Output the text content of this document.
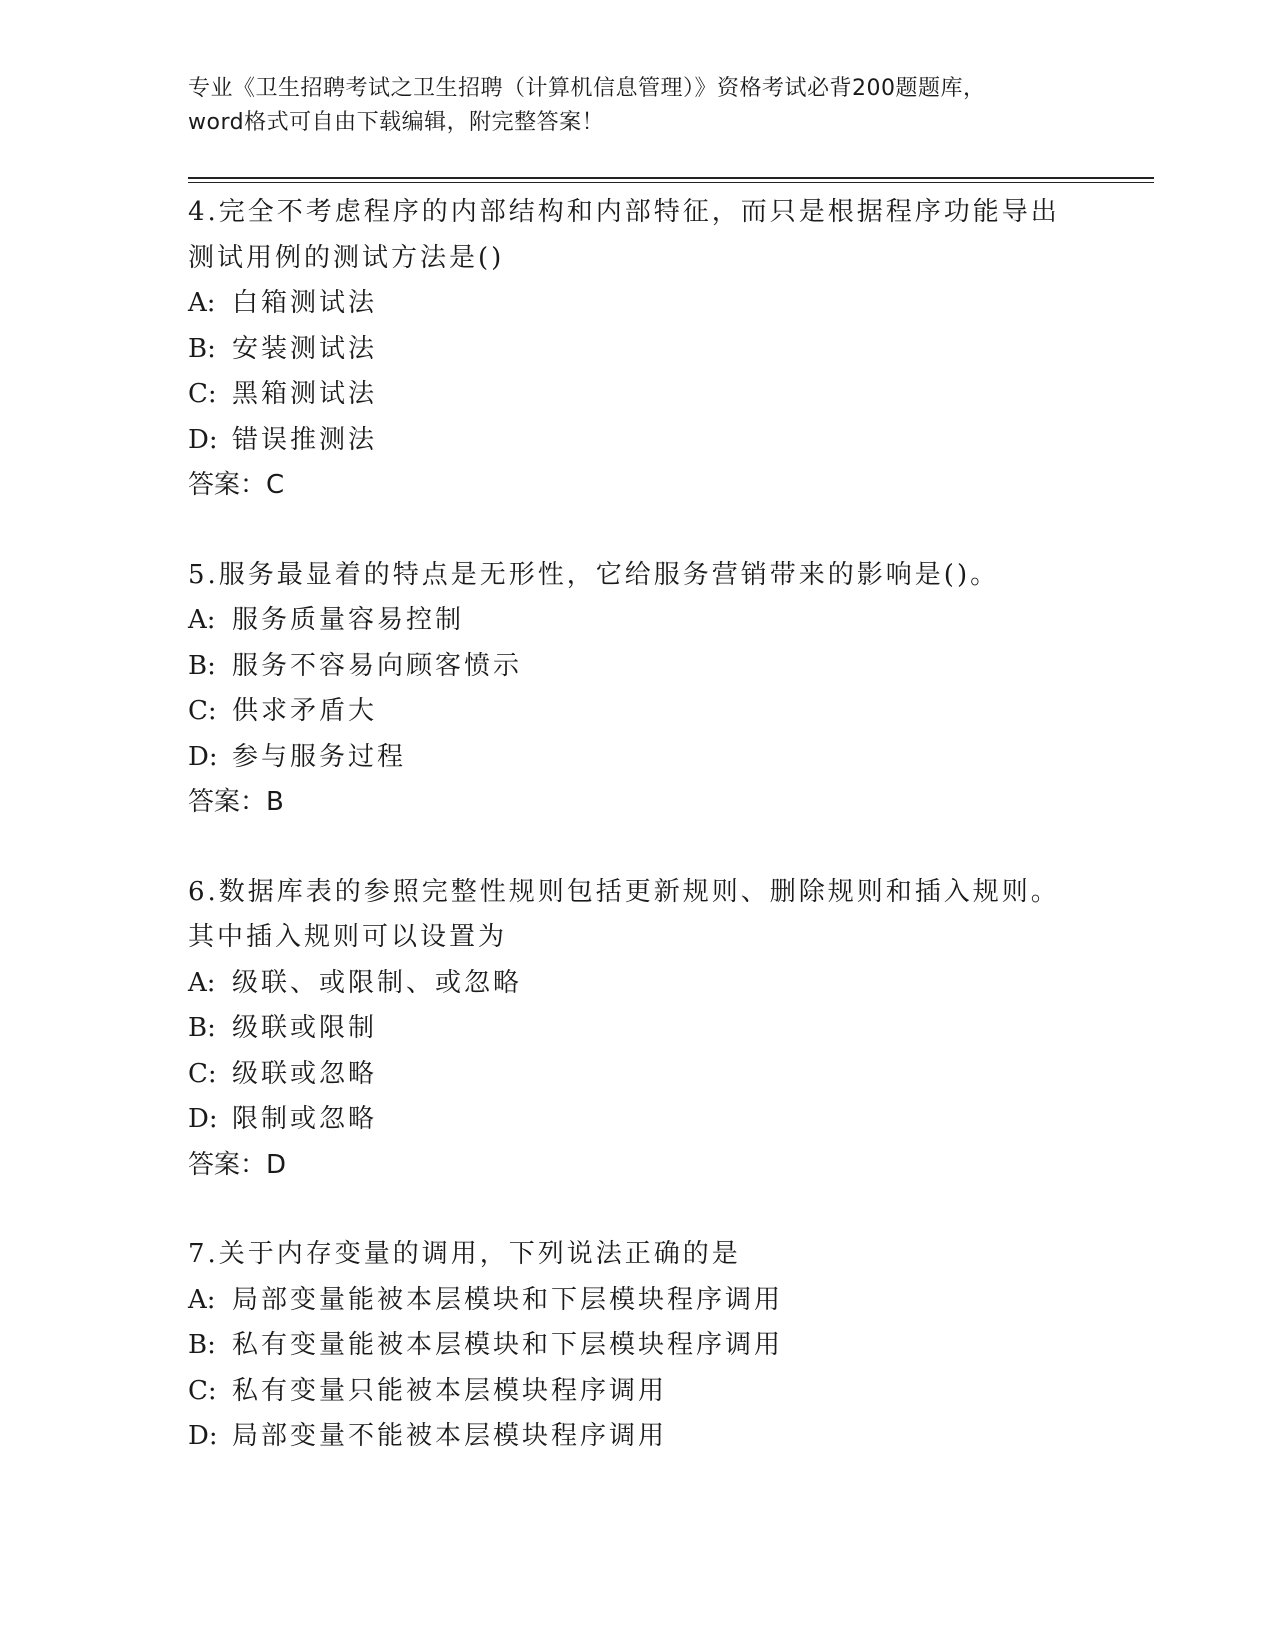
专业《卫生招聘考试之卫生招聘（计算机信息管理）》资格考试必背200题题库，

word格式可自由下载编辑，附完整答案！

4.完全不考虑程序的内部结构和内部特征，而只是根据程序功能导出
测试用例的测试方法是()

A: 白箱测试法

B: 安装测试法

C: 黑箱测试法

D: 错误推测法

答案：C

5.服务最显着的特点是无形性，它给服务营销带来的影响是()。

A: 服务质量容易控制

B: 服务不容易向顾客愤示

C: 供求矛盾大

D: 参与服务过程

答案：B

6.数据库表的参照完整性规则包括更新规则、删除规则和插入规则。
其中插入规则可以设置为

A: 级联、或限制、或忽略

B: 级联或限制

C: 级联或忽略

D: 限制或忽略

答案：D

7.关于内存变量的调用，下列说法正确的是

A: 局部变量能被本层模块和下层模块程序调用

B: 私有变量能被本层模块和下层模块程序调用

C: 私有变量只能被本层模块程序调用

D: 局部变量不能被本层模块程序调用
